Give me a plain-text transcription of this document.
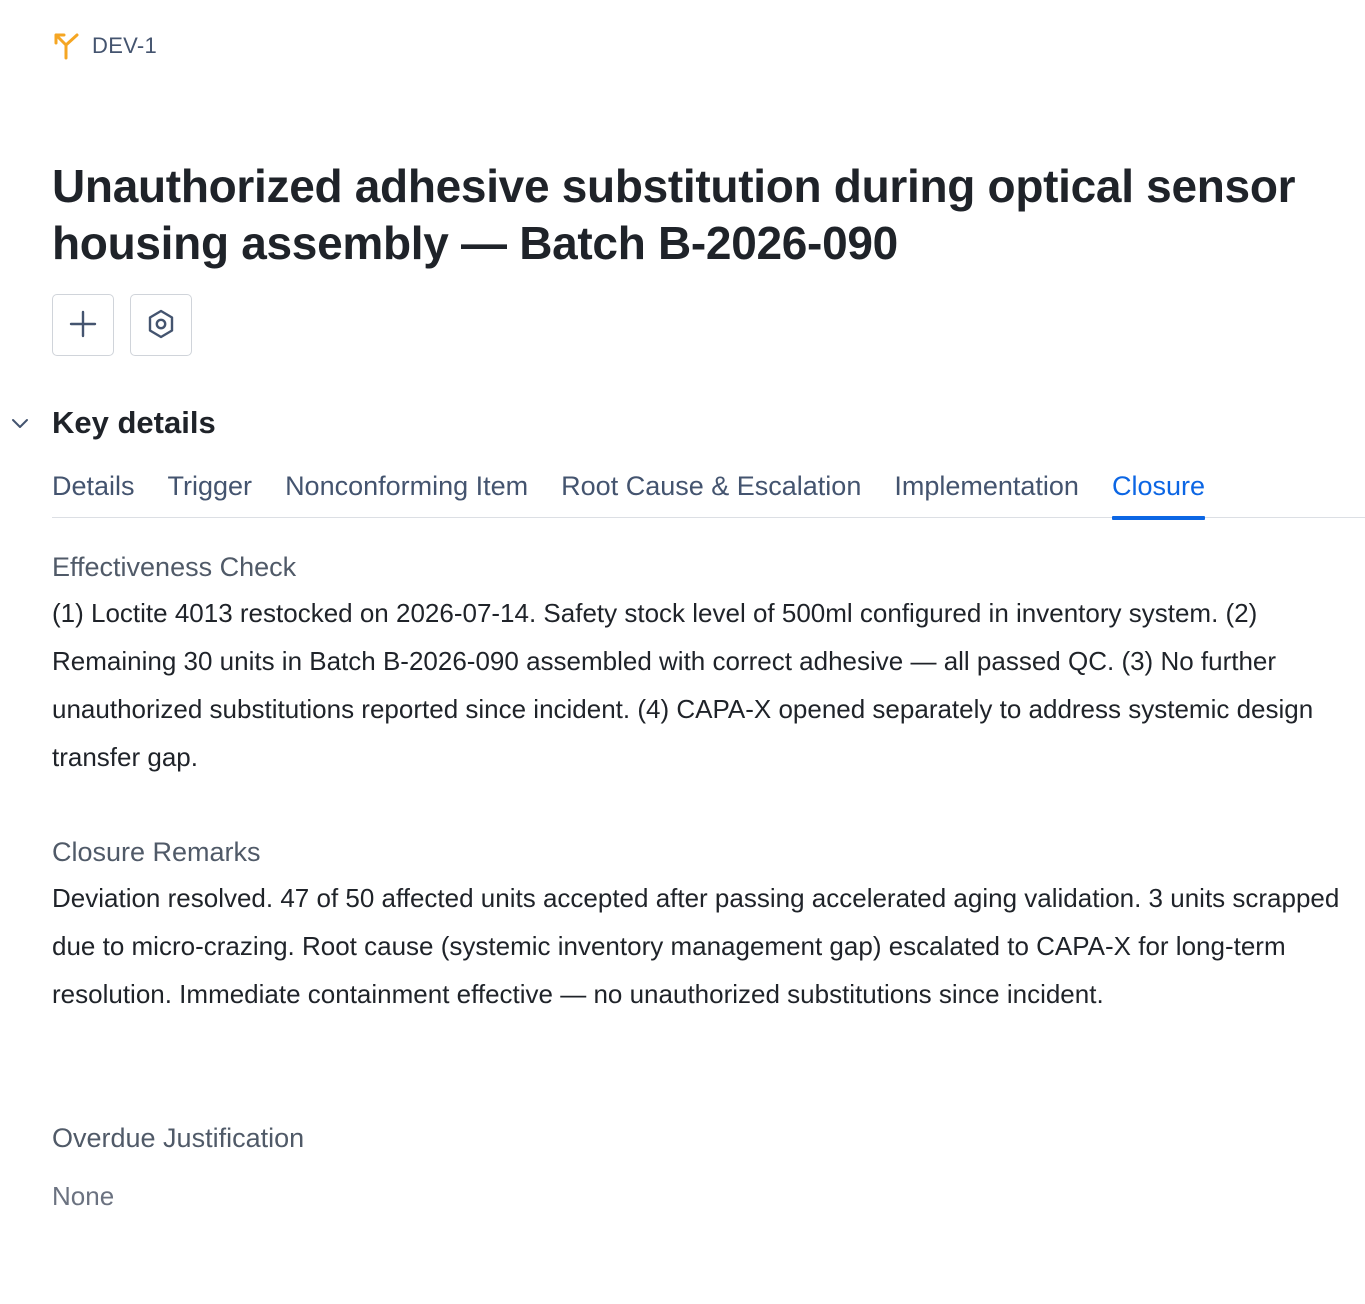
DEV-1
Unauthorized adhesive substitution during optical sensor housing assembly — Batch B-2026-090
Key details
Details Trigger Nonconforming Item Root Cause & Escalation Implementation Closure

Effectiveness Check

(1) Loctite 4013 restocked on 2026-07-14. Safety stock level of 500ml configured in inventory system. (2) Remaining 30 units in Batch B-2026-090 assembled with correct adhesive — all passed QC. (3) No further unauthorized substitutions reported since incident. (4) CAPA-X opened separately to address systemic design transfer gap.

Closure Remarks

Deviation resolved. 47 of 50 affected units accepted after passing accelerated aging validation. 3 units scrapped due to micro-crazing. Root cause (systemic inventory management gap) escalated to CAPA-X for long-term resolution. Immediate containment effective — no unauthorized substitutions since incident.

Overdue Justification

None
